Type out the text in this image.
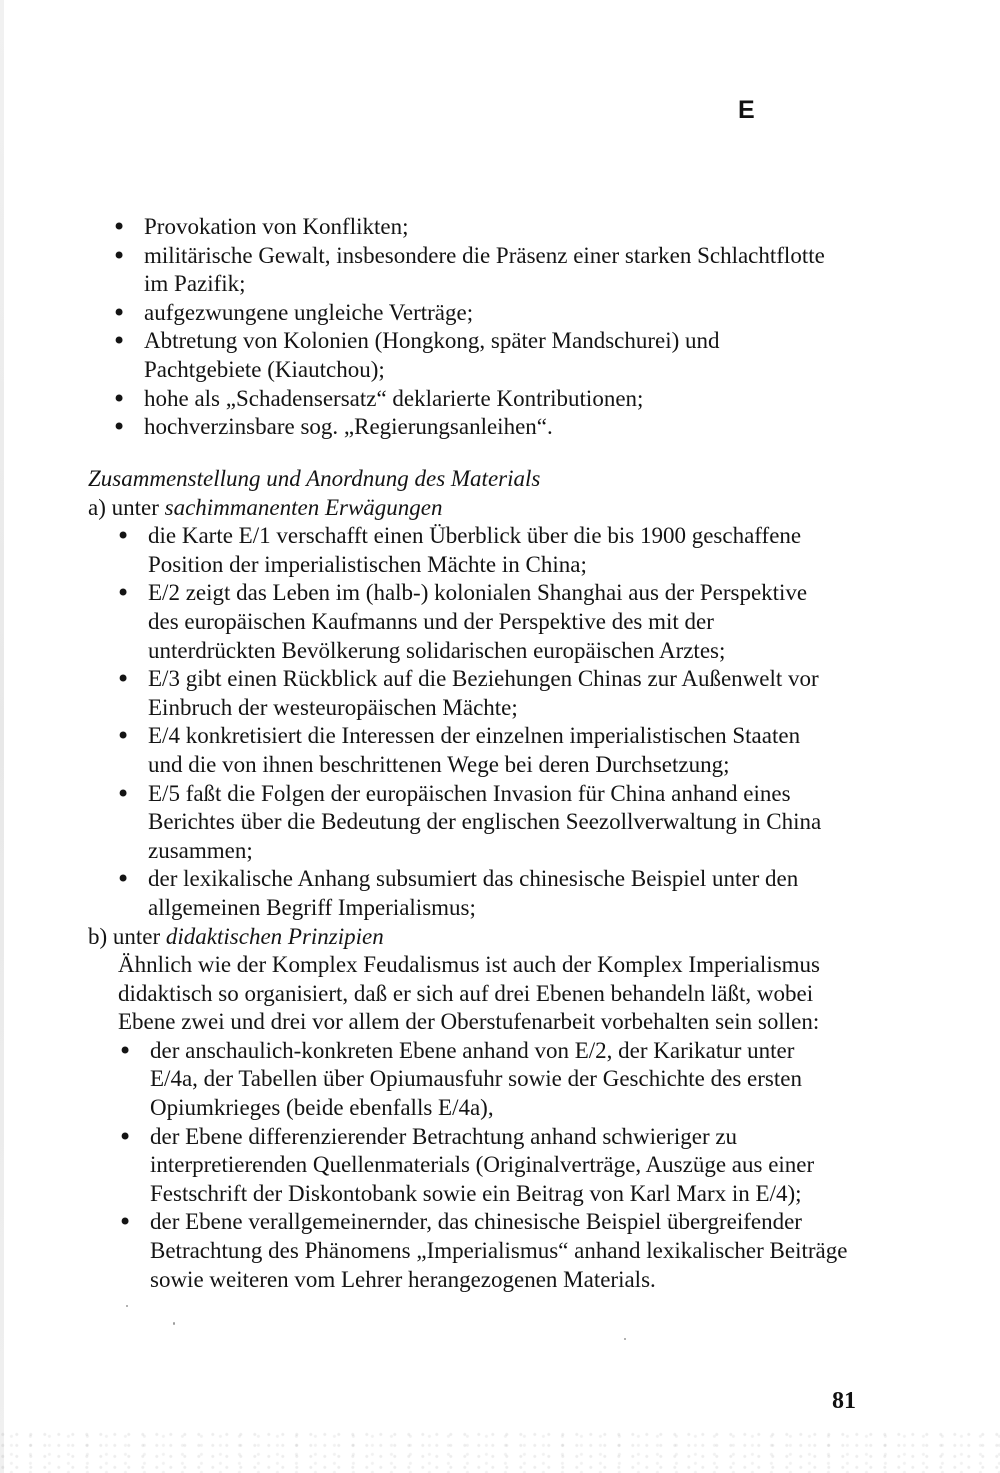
E
• Provokation von Konflikten;
• militärische Gewalt, insbesondere die Präsenz einer starken Schlachtflotte im Pazifik;
• aufgezwungene ungleiche Verträge;
• Abtretung von Kolonien (Hongkong, später Mandschurei) und Pachtgebiete (Kiautchou);
• hohe als „Schadensersatz“ deklarierte Kontributionen;
• hochverzinsbare sog. „Regierungsanleihen“.

Zusammenstellung und Anordnung des Materials

a) unter sachimmanenten Erwägungen

• die Karte E/1 verschafft einen Überblick über die bis 1900 geschaffene Position der imperialistischen Mächte in China;
• E/2 zeigt das Leben im (halb-) kolonialen Shanghai aus der Perspektive des europäischen Kaufmanns und der Perspektive des mit der unterdrückten Bevölkerung solidarischen europäischen Arztes;
• E/3 gibt einen Rückblick auf die Beziehungen Chinas zur Außenwelt vor Einbruch der westeuropäischen Mächte;
• E/4 konkretisiert die Interessen der einzelnen imperialistischen Staaten und die von ihnen beschrittenen Wege bei deren Durchsetzung;
• E/5 faßt die Folgen der europäischen Invasion für China anhand eines Berichtes über die Bedeutung der englischen Seezollverwaltung in China zusammen;
• der lexikalische Anhang subsumiert das chinesische Beispiel unter den allgemeinen Begriff Imperialismus;

b) unter didaktischen Prinzipien

Ähnlich wie der Komplex Feudalismus ist auch der Komplex Imperialismus didaktisch so organisiert, daß er sich auf drei Ebenen behandeln läßt, wobei Ebene zwei und drei vor allem der Oberstufenarbeit vorbehalten sein sollen:

• der anschaulich-konkreten Ebene anhand von E/2, der Karikatur unter E/4a, der Tabellen über Opiumausfuhr sowie der Geschichte des ersten Opiumkrieges (beide ebenfalls E/4a),
• der Ebene differenzierender Betrachtung anhand schwieriger zu interpretierenden Quellenmaterials (Originalverträge, Auszüge aus einer Festschrift der Diskontobank sowie ein Beitrag von Karl Marx in E/4);
• der Ebene verallgemeinernder, das chinesische Beispiel übergreifender Betrachtung des Phänomens „Imperialismus“ anhand lexikalischer Beiträge sowie weiteren vom Lehrer herangezogenen Materials.
81
